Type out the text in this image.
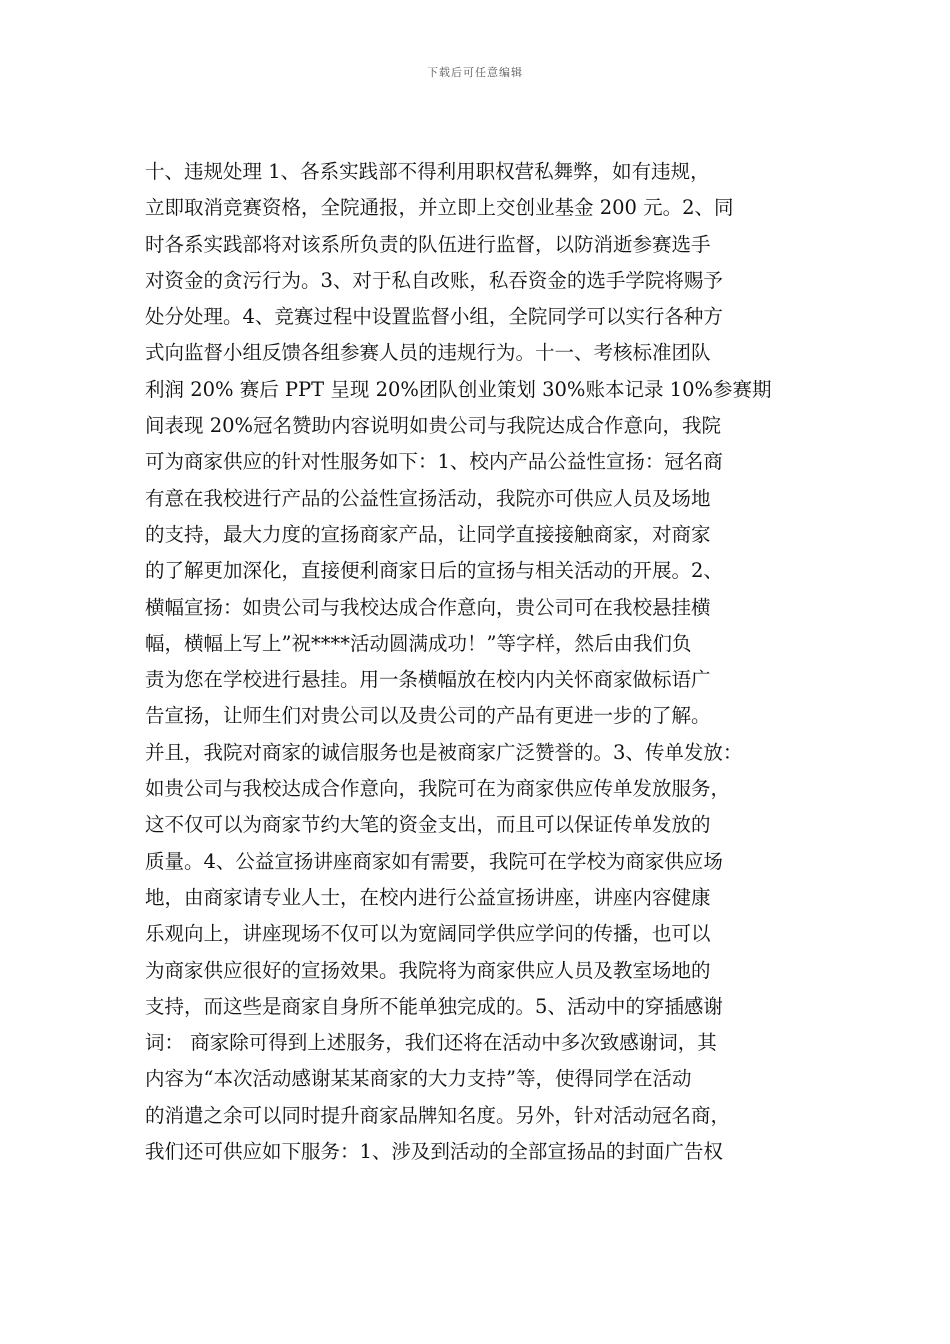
下载后可任意编辑
十、违规处理 1、各系实践部不得利用职权营私舞弊，如有违规，
立即取消竞赛资格，全院通报，并立即上交创业基金 200 元。2、同
时各系实践部将对该系所负责的队伍进行监督，以防消逝参赛选手
对资金的贪污行为。3、对于私自改账，私吞资金的选手学院将赐予
处分处理。4、竞赛过程中设置监督小组，全院同学可以实行各种方
式向监督小组反馈各组参赛人员的违规行为。十一、考核标准团队
利润 20% 赛后 PPT 呈现 20%团队创业策划 30%账本记录 10%参赛期
间表现 20%冠名赞助内容说明如贵公司与我院达成合作意向，我院
可为商家供应的针对性服务如下：1、校内产品公益性宣扬：冠名商
有意在我校进行产品的公益性宣扬活动，我院亦可供应人员及场地
的支持，最大力度的宣扬商家产品，让同学直接接触商家，对商家
的了解更加深化，直接便利商家日后的宣扬与相关活动的开展。2、
横幅宣扬：如贵公司与我校达成合作意向，贵公司可在我校悬挂横
幅，横幅上写上”祝****活动圆满成功！”等字样，然后由我们负
责为您在学校进行悬挂。用一条横幅放在校内内关怀商家做标语广
告宣扬，让师生们对贵公司以及贵公司的产品有更进一步的了解。
并且，我院对商家的诚信服务也是被商家广泛赞誉的。3、传单发放：
如贵公司与我校达成合作意向，我院可在为商家供应传单发放服务，
这不仅可以为商家节约大笔的资金支出，而且可以保证传单发放的
质量。4、公益宣扬讲座商家如有需要，我院可在学校为商家供应场
地，由商家请专业人士，在校内进行公益宣扬讲座，讲座内容健康
乐观向上，讲座现场不仅可以为宽阔同学供应学问的传播，也可以
为商家供应很好的宣扬效果。我院将为商家供应人员及教室场地的
支持，而这些是商家自身所不能单独完成的。5、活动中的穿插感谢
词： 商家除可得到上述服务，我们还将在活动中多次致感谢词，其
内容为“本次活动感谢某某商家的大力支持”等，使得同学在活动
的消遣之余可以同时提升商家品牌知名度。另外，针对活动冠名商，
我们还可供应如下服务：1、涉及到活动的全部宣扬品的封面广告权
